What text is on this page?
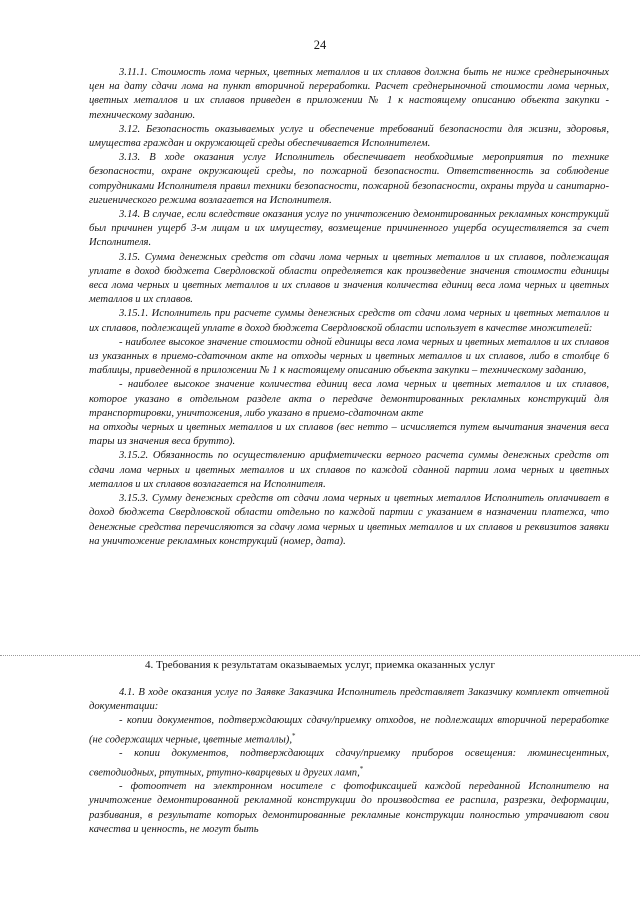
24

3.11.1. Стоимость лома черных, цветных металлов и их сплавов должна быть не ниже среднерыночных цен на дату сдачи лома на пункт вторичной переработки. Расчет среднерыночной стоимости лома черных, цветных металлов и их сплавов приведен в приложении № 1 к настоящему описанию объекта закупки - техническому заданию.

3.12. Безопасность оказываемых услуг и обеспечение требований безопасности для жизни, здоровья, имущества граждан и окружающей среды обеспечивается Исполнителем.

3.13. В ходе оказания услуг Исполнитель обеспечивает необходимые мероприятия по технике безопасности, охране окружающей среды, по пожарной безопасности. Ответственность за соблюдение сотрудниками Исполнителя правил техники безопасности, пожарной безопасности, охраны труда и санитарно-гигиенического режима возлагается на Исполнителя.

3.14. В случае, если вследствие оказания услуг по уничтожению демонтированных рекламных конструкций был причинен ущерб 3-м лицам и их имуществу, возмещение причиненного ущерба осуществляется за счет Исполнителя.

3.15. Сумма денежных средств от сдачи лома черных и цветных металлов и их сплавов, подлежащая уплате в доход бюджета Свердловской области определяется как произведение значения стоимости единицы веса лома черных и цветных металлов и их сплавов и значения количества единиц веса лома черных и цветных металлов и их сплавов.

3.15.1. Исполнитель при расчете суммы денежных средств от сдачи лома черных и цветных металлов и их сплавов, подлежащей уплате в доход бюджета Свердловской области использует в качестве множителей:

- наиболее высокое значение стоимости одной единицы веса лома черных и цветных металлов и их сплавов из указанных в приемо-сдаточном акте на отходы черных и цветных металлов и их сплавов, либо в столбце 6 таблицы, приведенной в приложении № 1 к настоящему описанию объекта закупки – техническому заданию,

- наиболее высокое значение количества единиц веса лома черных и цветных металлов и их сплавов, которое указано в отдельном разделе акта о передаче демонтированных рекламных конструкций для транспортировки, уничтожения, либо указано в приемо-сдаточном акте

на отходы черных и цветных металлов и их сплавов (вес нетто – исчисляется путем вычитания значения веса тары из значения веса брутто).

3.15.2. Обязанность по осуществлению арифметически верного расчета суммы денежных средств от сдачи лома черных и цветных металлов и их сплавов по каждой сданной партии лома черных и цветных металлов и их сплавов возлагается на Исполнителя.

3.15.3. Сумму денежных средств от сдачи лома черных и цветных металлов Исполнитель оплачивает в доход бюджета Свердловской области отдельно по каждой партии с указанием в назначении платежа, что денежные средства перечисляются за сдачу лома черных и цветных металлов и их сплавов и реквизитов заявки на уничтожение рекламных конструкций (номер, дата).

4. Требования к результатам оказываемых услуг, приемка оказанных услуг

4.1. В ходе оказания услуг по Заявке Заказчика Исполнитель представляет Заказчику комплект отчетной документации:

- копии документов, подтверждающих сдачу/приемку отходов, не подлежащих вторичной переработке (не содержащих черные, цветные металлы),*

- копии документов, подтверждающих сдачу/приемку приборов освещения: люминесцентных, светодиодных, ртутных, ртутно-кварцевых и других ламп,*

- фотоотчет на электронном носителе с фотофиксацией каждой переданной Исполнителю на уничтожение демонтированной рекламной конструкции до производства ее распила, разрезки, деформации, разбивания, в результате которых демонтированные рекламные конструкции полностью утрачивают свои качества и ценность, не могут быть
